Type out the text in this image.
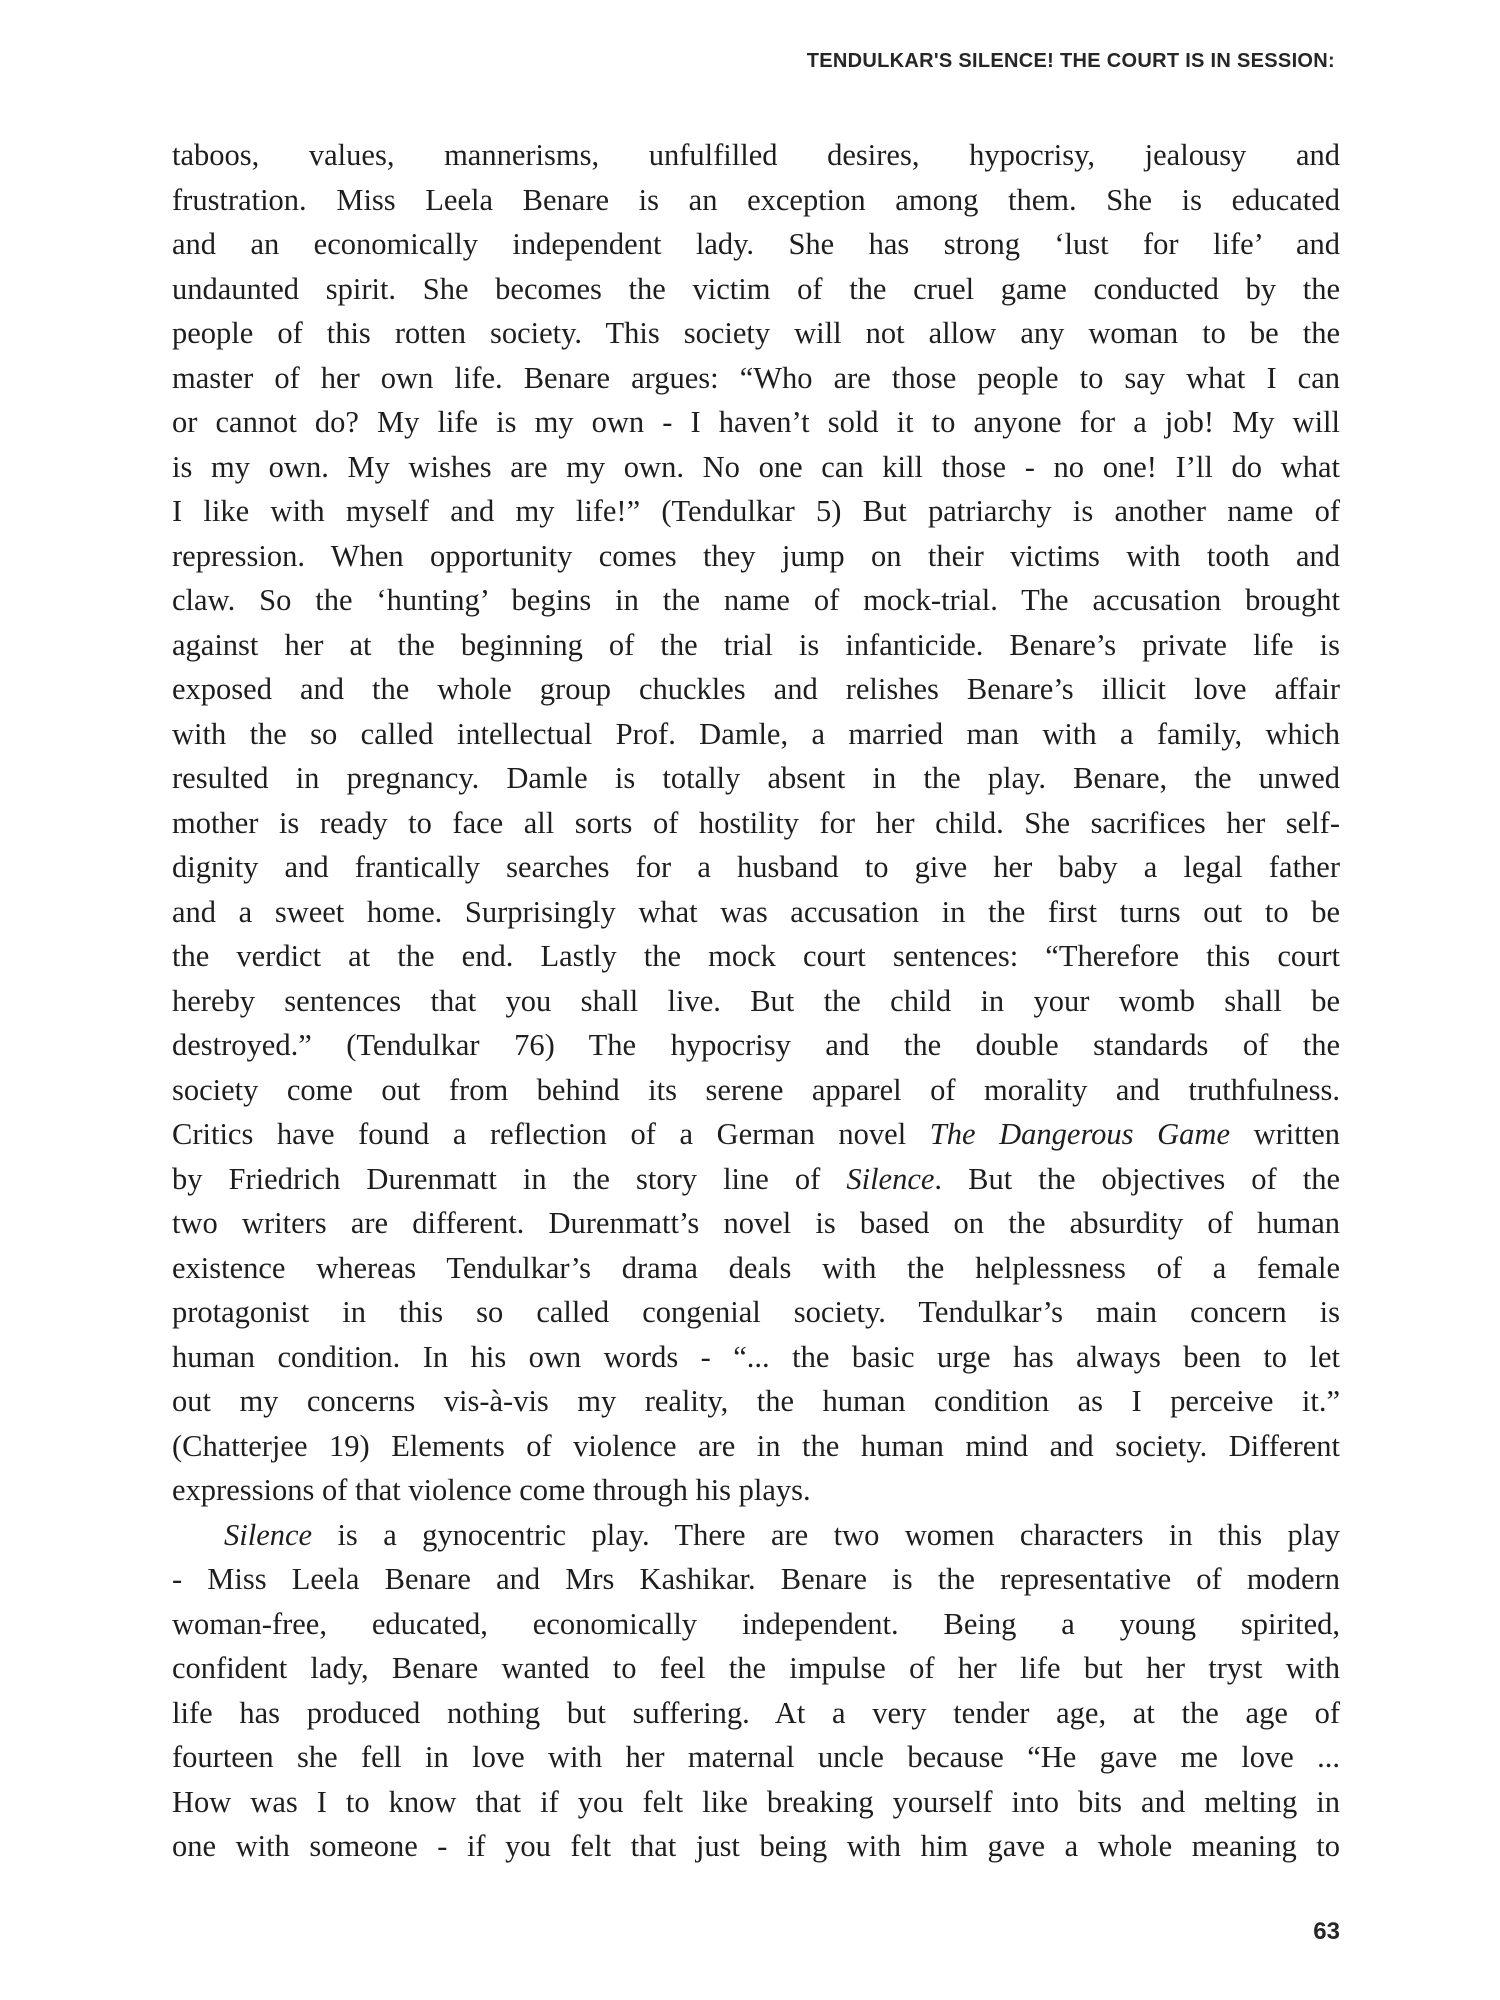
TENDULKAR'S SILENCE! THE COURT IS IN SESSION:
taboos, values, mannerisms, unfulfilled desires, hypocrisy, jealousy and
frustration. Miss Leela Benare is an exception among them. She is educated
and an economically independent lady. She has strong ‘lust for life’ and
undaunted spirit. She becomes the victim of the cruel game conducted by the
people of this rotten society. This society will not allow any woman to be the
master of her own life. Benare argues: “Who are those people to say what I can
or cannot do? My life is my own - I haven’t sold it to anyone for a job! My will
is my own. My wishes are my own. No one can kill those - no one! I’ll do what
I like with myself and my life!” (Tendulkar 5) But patriarchy is another name of
repression. When opportunity comes they jump on their victims with tooth and
claw. So the ‘hunting’ begins in the name of mock-trial. The accusation brought
against her at the beginning of the trial is infanticide. Benare’s private life is
exposed and the whole group chuckles and relishes Benare’s illicit love affair
with the so called intellectual Prof. Damle, a married man with a family, which
resulted in pregnancy. Damle is totally absent in the play. Benare, the unwed
mother is ready to face all sorts of hostility for her child. She sacrifices her self-
dignity and frantically searches for a husband to give her baby a legal father
and a sweet home. Surprisingly what was accusation in the first turns out to be
the verdict at the end. Lastly the mock court sentences: “Therefore this court
hereby sentences that you shall live. But the child in your womb shall be
destroyed.” (Tendulkar 76) The hypocrisy and the double standards of the
society come out from behind its serene apparel of morality and truthfulness.
Critics have found a reflection of a German novel The Dangerous Game written
by Friedrich Durenmatt in the story line of Silence. But the objectives of the
two writers are different. Durenmatt’s novel is based on the absurdity of human
existence whereas Tendulkar’s drama deals with the helplessness of a female
protagonist in this so called congenial society. Tendulkar’s main concern is
human condition. In his own words - “... the basic urge has always been to let
out my concerns vis-à-vis my reality, the human condition as I perceive it.”
(Chatterjee 19) Elements of violence are in the human mind and society. Different
expressions of that violence come through his plays.
Silence is a gynocentric play. There are two women characters in this play
- Miss Leela Benare and Mrs Kashikar. Benare is the representative of modern
woman-free, educated, economically independent. Being a young spirited,
confident lady, Benare wanted to feel the impulse of her life but her tryst with
life has produced nothing but suffering. At a very tender age, at the age of
fourteen she fell in love with her maternal uncle because “He gave me love ...
How was I to know that if you felt like breaking yourself into bits and melting in
one with someone - if you felt that just being with him gave a whole meaning to
63
